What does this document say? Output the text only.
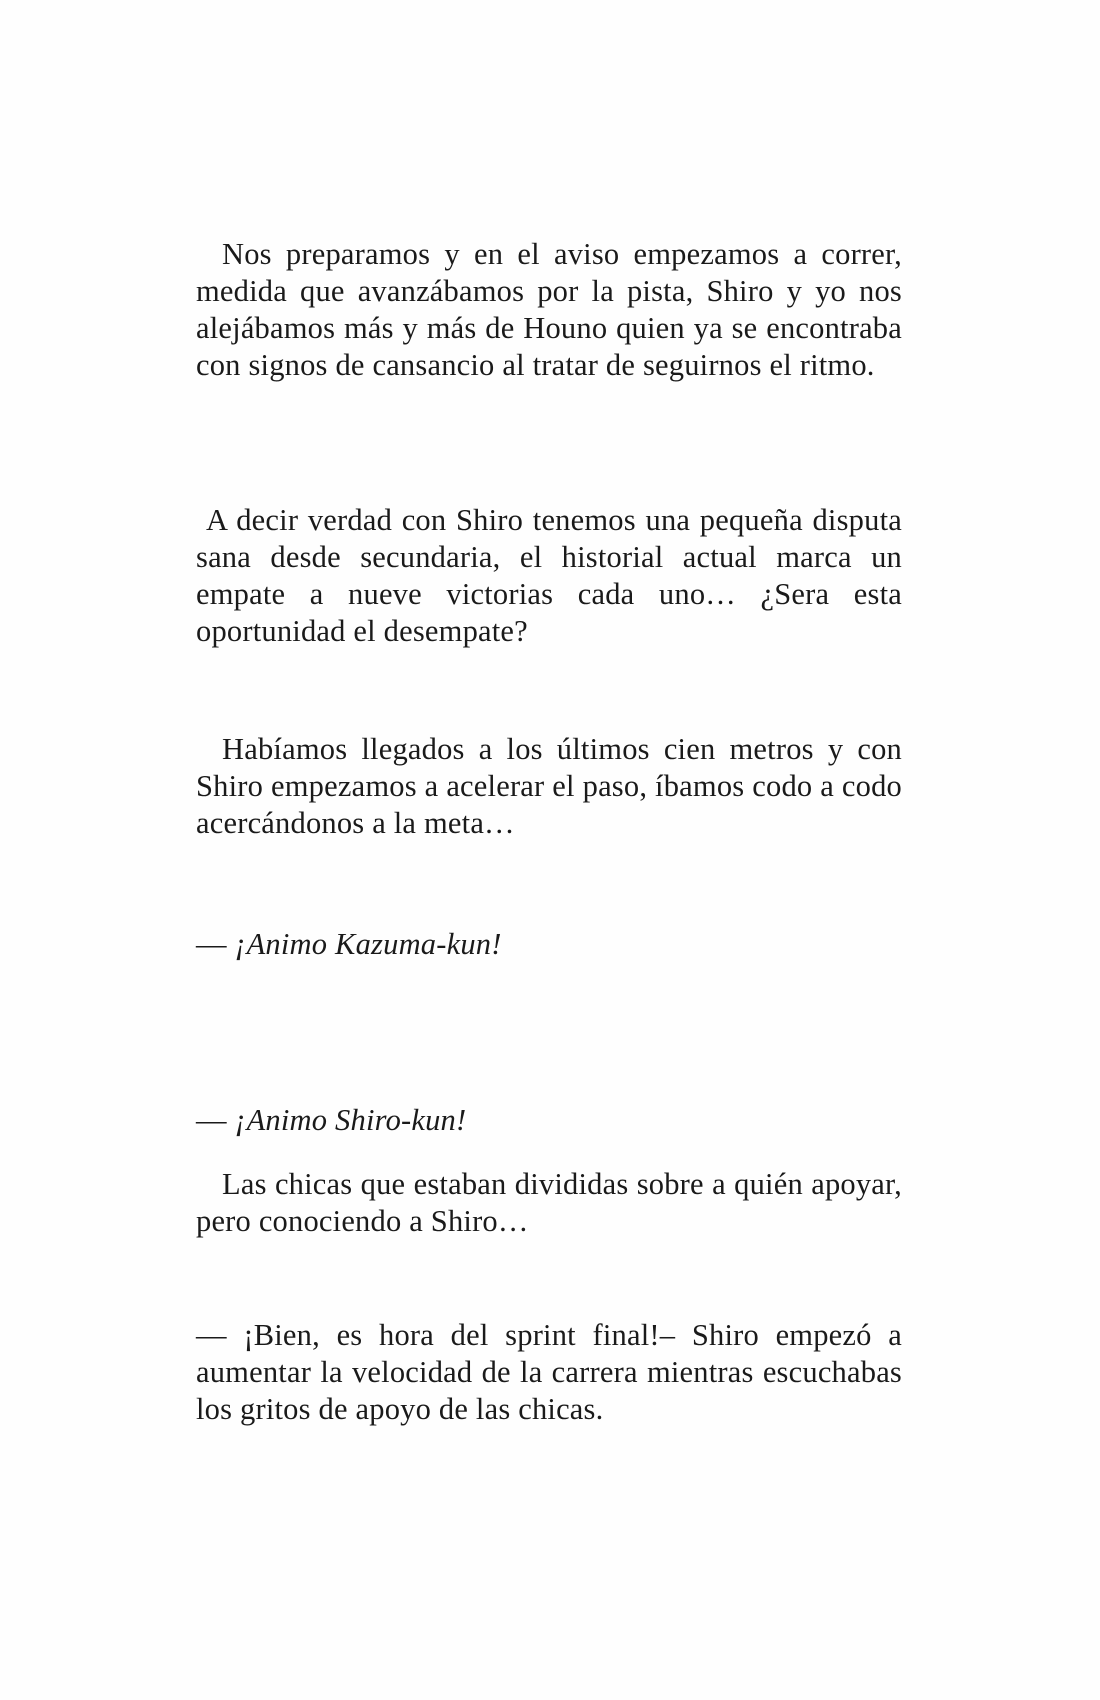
Nos preparamos y en el aviso empezamos a correr, medida que avanzábamos por la pista, Shiro y yo nos alejábamos más y más de Houno quien ya se encontraba con signos de cansancio al tratar de seguirnos el ritmo.

A decir verdad con Shiro tenemos una pequeña disputa sana desde secundaria, el historial actual marca un empate a nueve victorias cada uno… ¿Sera esta oportunidad el desempate?

Habíamos llegados a los últimos cien metros y con Shiro empezamos a acelerar el paso, íbamos codo a codo acercándonos a la meta…

— ¡Animo Kazuma-kun!

— ¡Animo Shiro-kun!

Las chicas que estaban divididas sobre a quién apoyar, pero conociendo a Shiro…

— ¡Bien, es hora del sprint final!– Shiro empezó a aumentar la velocidad de la carrera mientras escuchabas los gritos de apoyo de las chicas.
